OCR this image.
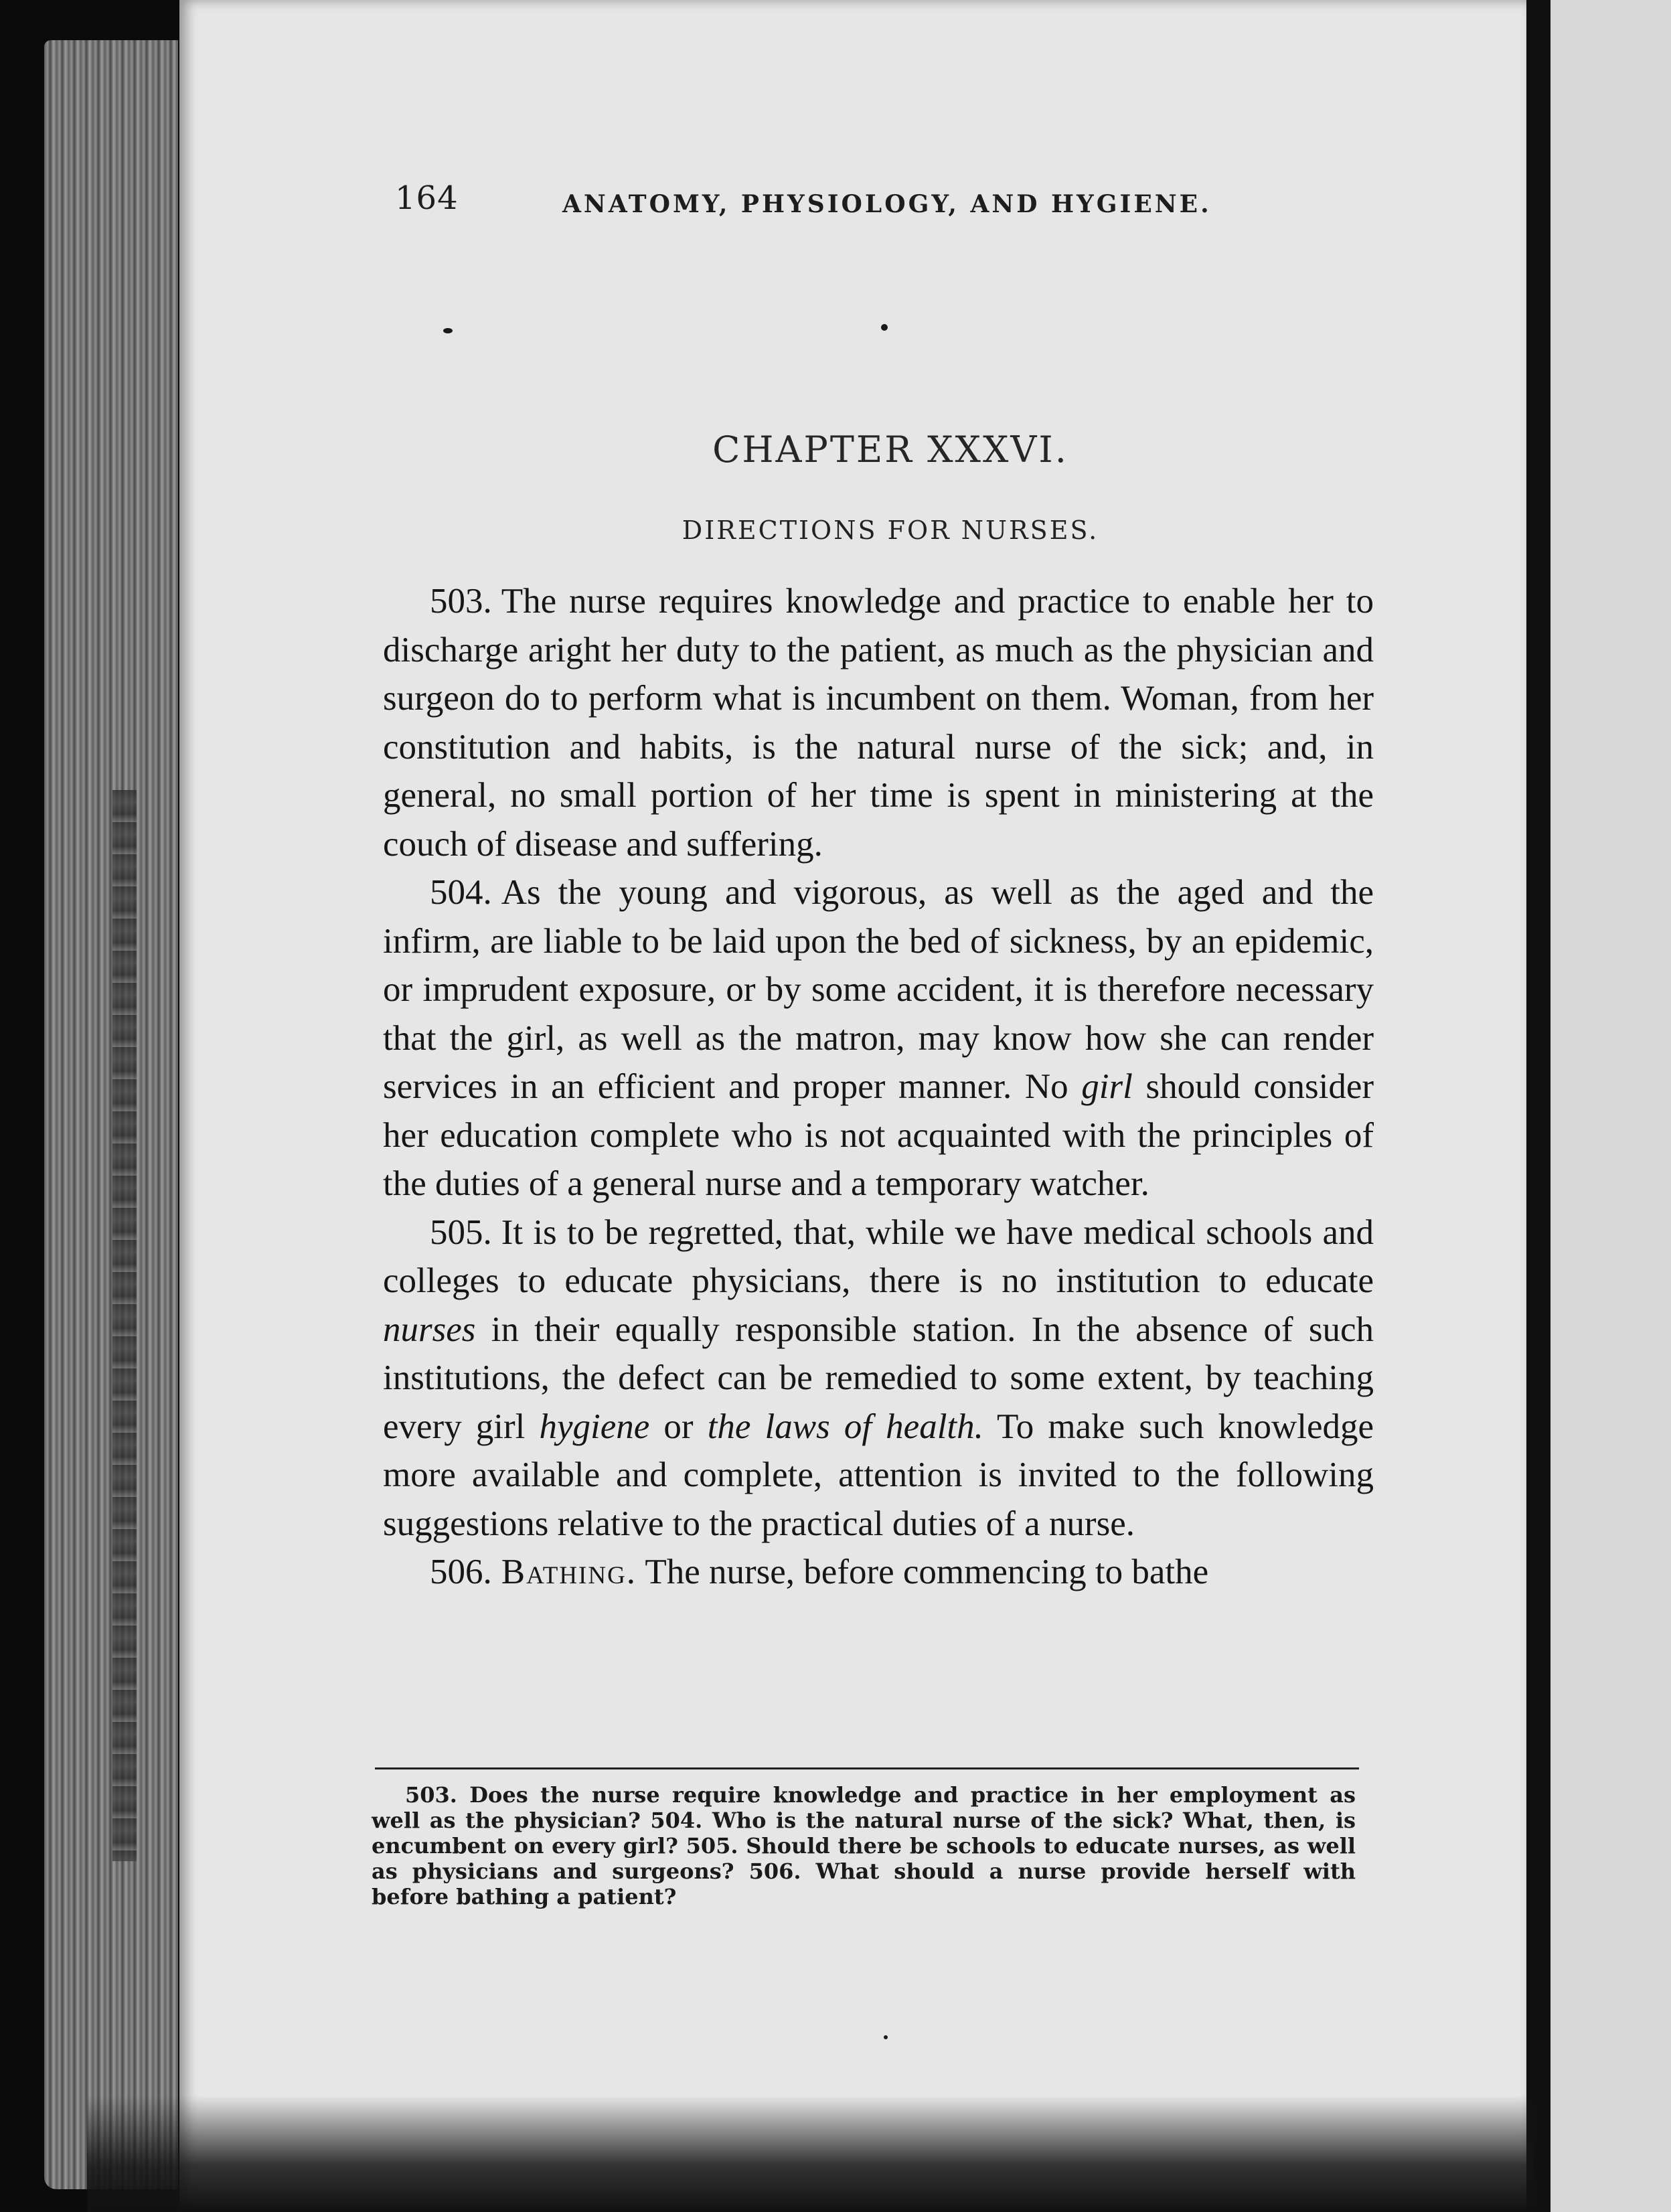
164	ANATOMY, PHYSIOLOGY, AND HYGIENE.
CHAPTER XXXVI.
DIRECTIONS FOR NURSES.

503. The nurse requires knowledge and practice to enable her to discharge aright her duty to the patient, as much as the physician and surgeon do to perform what is incumbent on them. Woman, from her constitution and habits, is the natural nurse of the sick; and, in general, no small portion of her time is spent in ministering at the couch of disease and suffering.

504. As the young and vigorous, as well as the aged and the infirm, are liable to be laid upon the bed of sickness, by an epidemic, or imprudent exposure, or by some accident, it is therefore necessary that the girl, as well as the matron, may know how she can render services in an efficient and proper manner. No girl should consider her education complete who is not acquainted with the principles of the duties of a general nurse and a temporary watcher.

505. It is to be regretted, that, while we have medical schools and colleges to educate physicians, there is no institution to educate nurses in their equally responsible station. In the absence of such institutions, the defect can be remedied to some extent, by teaching every girl hygiene or the laws of health. To make such knowledge more available and complete, attention is invited to the following suggestions relative to the practical duties of a nurse.

506. Bathing. The nurse, before commencing to bathe

503. Does the nurse require knowledge and practice in her employment as well as the physician? 504. Who is the natural nurse of the sick? What, then, is encumbent on every girl? 505. Should there be schools to educate nurses, as well as physicians and surgeons? 506. What should a nurse provide herself with before bathing a patient?
